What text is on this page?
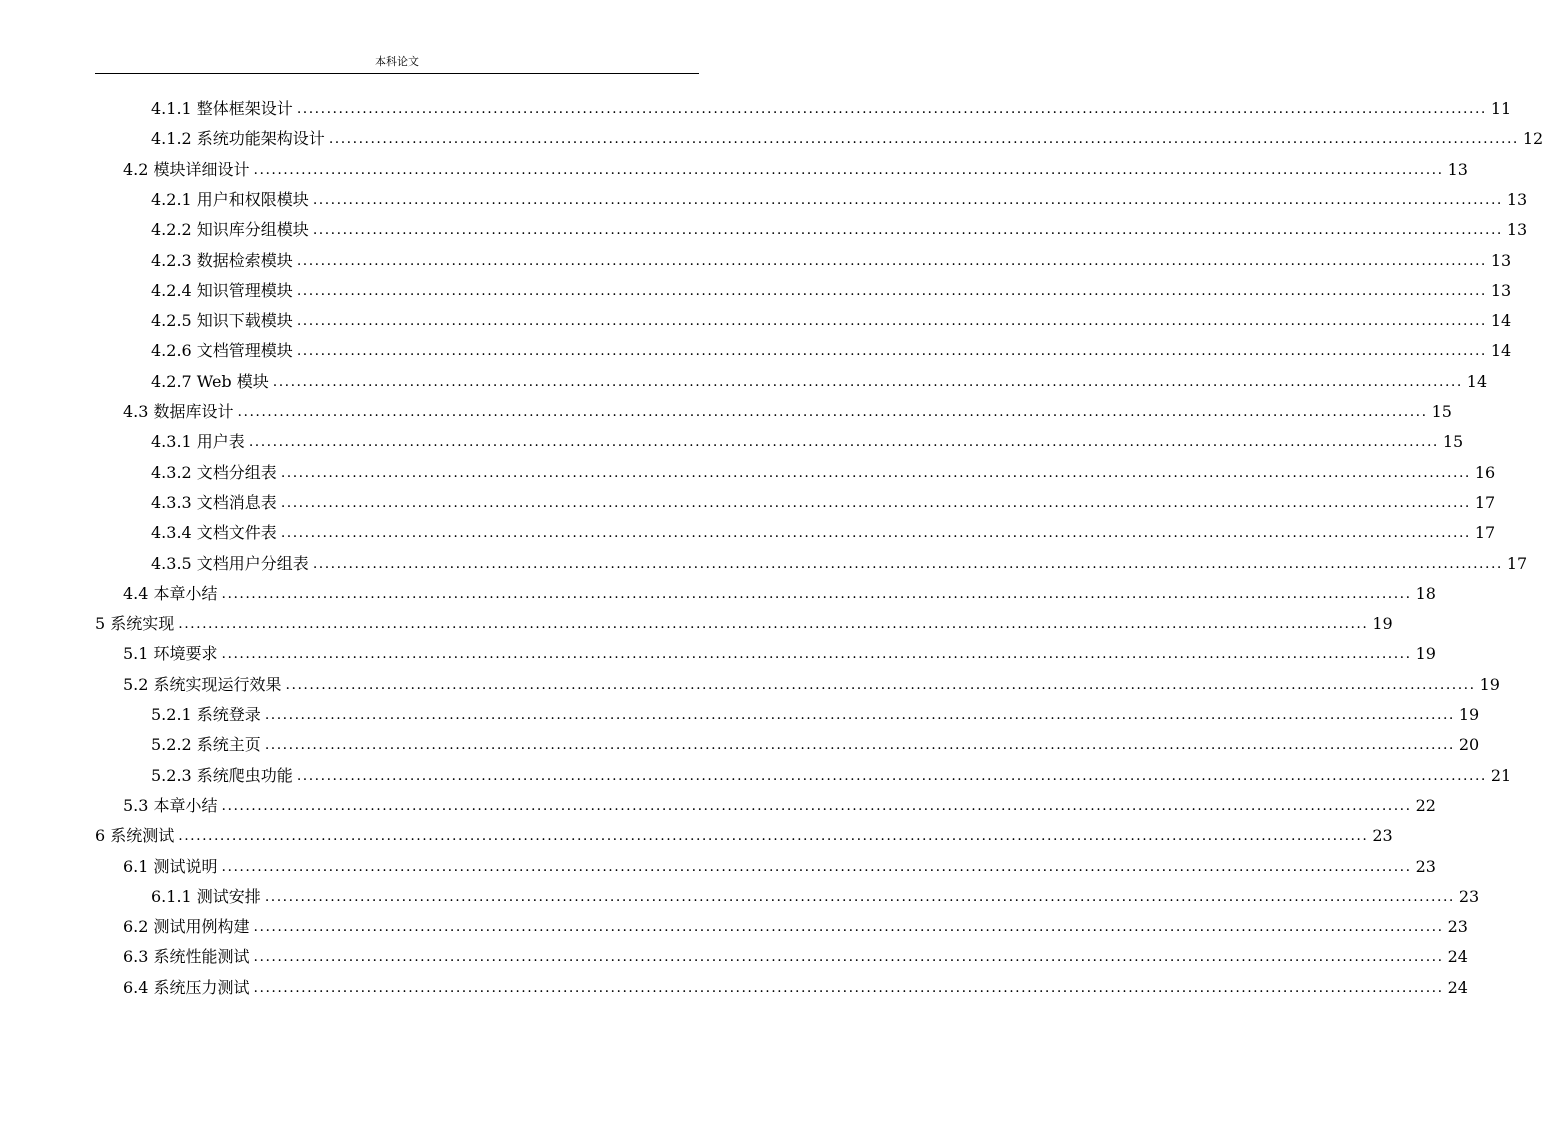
本科论文
4.1.1 整体框架设计 ........................................................................................................................................................................................................ 11
4.1.2 系统功能架构设计 ........................................................................................................................................................................................................ 12
4.2 模块详细设计 ........................................................................................................................................................................................................ 13
4.2.1 用户和权限模块 ........................................................................................................................................................................................................ 13
4.2.2 知识库分组模块 ........................................................................................................................................................................................................ 13
4.2.3 数据检索模块 ........................................................................................................................................................................................................ 13
4.2.4 知识管理模块 ........................................................................................................................................................................................................ 13
4.2.5 知识下载模块 ........................................................................................................................................................................................................ 14
4.2.6 文档管理模块 ........................................................................................................................................................................................................ 14
4.2.7 Web 模块 ........................................................................................................................................................................................................ 14
4.3 数据库设计 ........................................................................................................................................................................................................ 15
4.3.1 用户表 ........................................................................................................................................................................................................ 15
4.3.2 文档分组表 ........................................................................................................................................................................................................ 16
4.3.3 文档消息表 ........................................................................................................................................................................................................ 17
4.3.4 文档文件表 ........................................................................................................................................................................................................ 17
4.3.5 文档用户分组表 ........................................................................................................................................................................................................ 17
4.4 本章小结 ........................................................................................................................................................................................................ 18
5 系统实现 ........................................................................................................................................................................................................ 19
5.1 环境要求 ........................................................................................................................................................................................................ 19
5.2 系统实现运行效果 ........................................................................................................................................................................................................ 19
5.2.1 系统登录 ........................................................................................................................................................................................................ 19
5.2.2 系统主页 ........................................................................................................................................................................................................ 20
5.2.3 系统爬虫功能 ........................................................................................................................................................................................................ 21
5.3 本章小结 ........................................................................................................................................................................................................ 22
6 系统测试 ........................................................................................................................................................................................................ 23
6.1 测试说明 ........................................................................................................................................................................................................ 23
6.1.1 测试安排 ........................................................................................................................................................................................................ 23
6.2 测试用例构建 ........................................................................................................................................................................................................ 23
6.3 系统性能测试 ........................................................................................................................................................................................................ 24
6.4 系统压力测试 ........................................................................................................................................................................................................ 24
